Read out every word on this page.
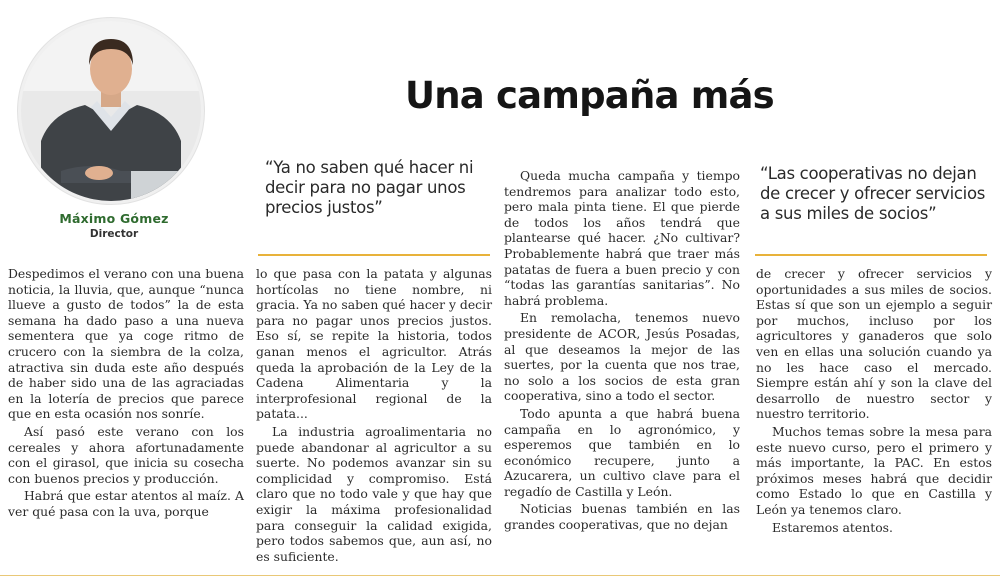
Máximo Gómez
Director
Una campaña más
“Ya no saben qué hacer ni decir para no pagar unos precios justos”
“Las cooperativas no dejan de crecer y ofrecer servicios a sus miles de socios”

Despedimos el verano con una buena noticia, la lluvia, que, aunque “nunca llueve a gusto de todos” la de esta semana ha dado paso a una nueva sementera que ya coge ritmo de crucero con la siembra de la colza, atractiva sin duda este año después de haber sido una de las agraciadas en la lotería de precios que parece que en esta ocasión nos sonríe.

Así pasó este verano con los cereales y ahora afortunadamente con el girasol, que inicia su cosecha con buenos precios y producción.

Habrá que estar atentos al maíz. A ver qué pasa con la uva, porque

lo que pasa con la patata y algunas hortícolas no tiene nombre, ni gracia. Ya no saben qué hacer y decir para no pagar unos precios justos. Eso sí, se repite la historia, todos ganan menos el agricultor. Atrás queda la aprobación de la Ley de la Cadena Alimentaria y la interprofesional regional de la patata...

La industria agroalimentaria no puede abandonar al agricultor a su suerte. No podemos avanzar sin su complicidad y compromiso. Está claro que no todo vale y que hay que exigir la máxima profesionalidad para conseguir la calidad exigida, pero todos sabemos que, aun así, no es suficiente.

Queda mucha campaña y tiempo tendremos para analizar todo esto, pero mala pinta tiene. El que pierde de todos los años tendrá que plantearse qué hacer. ¿No cultivar? Probablemente habrá que traer más patatas de fuera a buen precio y con “todas las garantías sanitarias”. No habrá problema.

En remolacha, tenemos nuevo presidente de ACOR, Jesús Posadas, al que deseamos la mejor de las suertes, por la cuenta que nos trae, no solo a los socios de esta gran cooperativa, sino a todo el sector.

Todo apunta a que habrá buena campaña en lo agronómico, y esperemos que también en lo económico recupere, junto a Azucarera, un cultivo clave para el regadío de Castilla y León.

Noticias buenas también en las grandes cooperativas, que no dejan

de crecer y ofrecer servicios y oportunidades a sus miles de socios. Estas sí que son un ejemplo a seguir por muchos, incluso por los agricultores y ganaderos que solo ven en ellas una solución cuando ya no les hace caso el mercado. Siempre están ahí y son la clave del desarrollo de nuestro sector y nuestro territorio.

Muchos temas sobre la mesa para este nuevo curso, pero el primero y más importante, la PAC. En estos próximos meses habrá que decidir como Estado lo que en Castilla y León ya tenemos claro.

Estaremos atentos.
